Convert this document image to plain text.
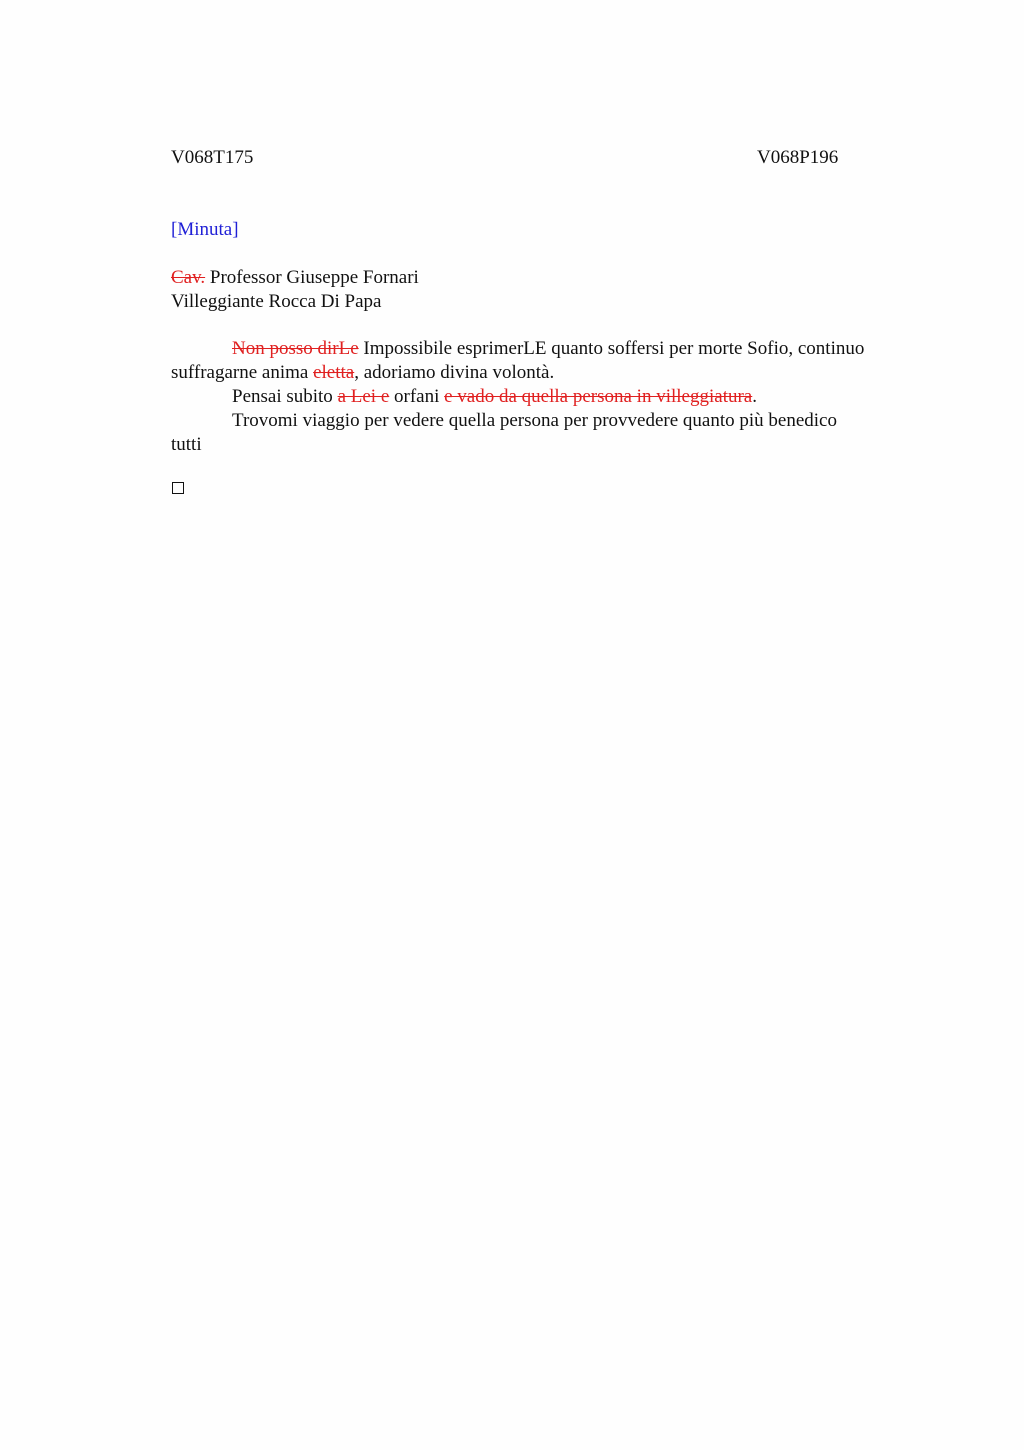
V068T175	V068P196
[Minuta]
Cav. Professor Giuseppe Fornari
Villeggiante Rocca Di Papa

Non posso dirLe Impossibile esprimerLE quanto soffersi per morte Sofio, continuo
suffragarne anima eletta, adoriamo divina volontà.

Pensai subito a Lei e orfani e vado da quella persona in villeggiatura.

Trovomi viaggio per vedere quella persona per provvedere quanto più benedico
tutti
